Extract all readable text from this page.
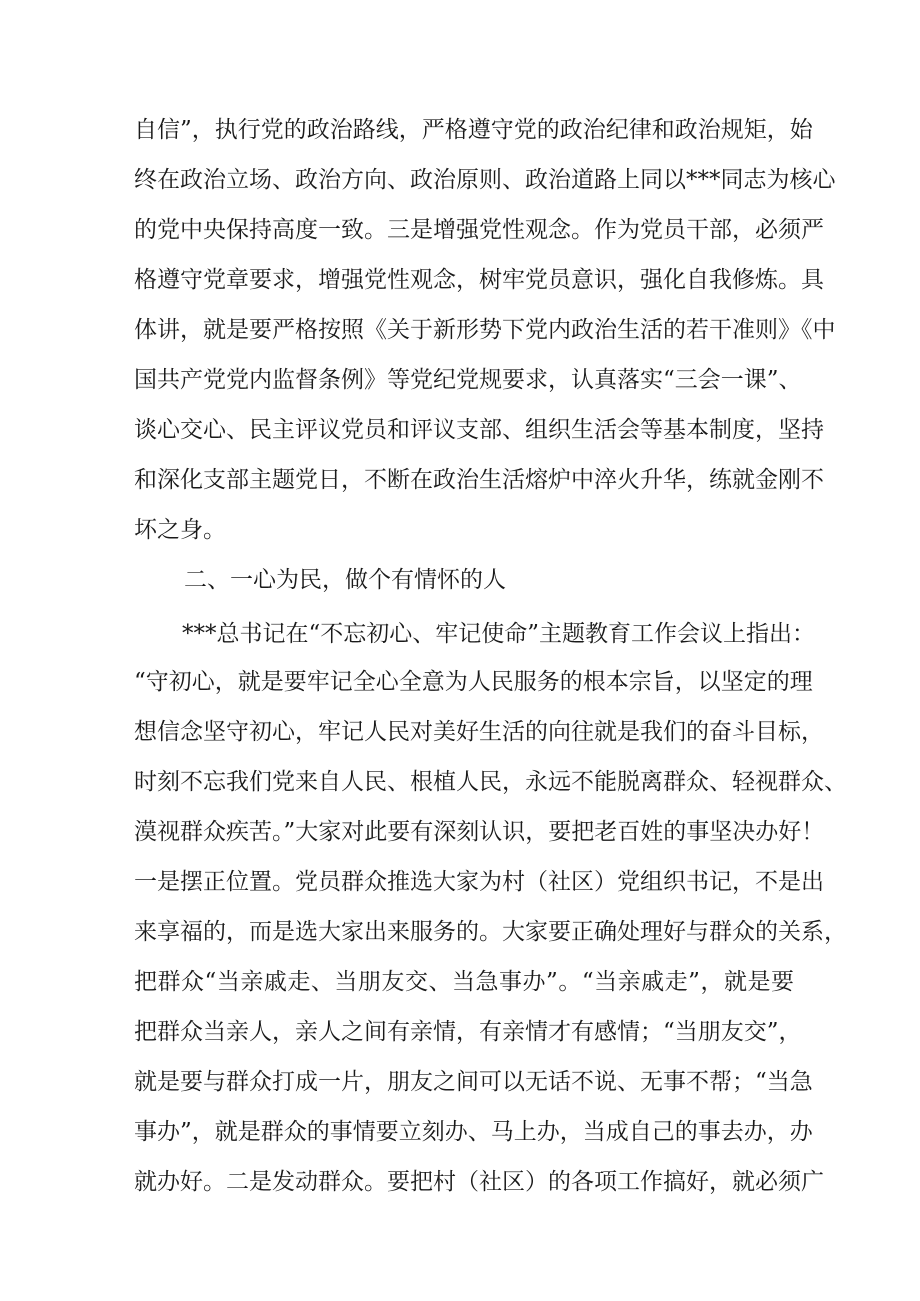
自信”，执行党的政治路线，严格遵守党的政治纪律和政治规矩，始
终在政治立场、政治方向、政治原则、政治道路上同以***同志为核心
的党中央保持高度一致。三是增强党性观念。作为党员干部，必须严
格遵守党章要求，增强党性观念，树牢党员意识，强化自我修炼。具
体讲，就是要严格按照《关于新形势下党内政治生活的若干准则》《中
国共产党党内监督条例》等党纪党规要求，认真落实“三会一课”、
谈心交心、民主评议党员和评议支部、组织生活会等基本制度，坚持
和深化支部主题党日，不断在政治生活熔炉中淬火升华，练就金刚不
坏之身。
二、一心为民，做个有情怀的人
***总书记在“不忘初心、牢记使命”主题教育工作会议上指出：
“守初心，就是要牢记全心全意为人民服务的根本宗旨，以坚定的理
想信念坚守初心，牢记人民对美好生活的向往就是我们的奋斗目标，
时刻不忘我们党来自人民、根植人民，永远不能脱离群众、轻视群众、
漠视群众疾苦。”大家对此要有深刻认识，要把老百姓的事坚决办好！
一是摆正位置。党员群众推选大家为村（社区）党组织书记，不是出
来享福的，而是选大家出来服务的。大家要正确处理好与群众的关系，
把群众“当亲戚走、当朋友交、当急事办”。“当亲戚走”，就是要
把群众当亲人，亲人之间有亲情，有亲情才有感情；“当朋友交”，
就是要与群众打成一片，朋友之间可以无话不说、无事不帮；“当急
事办”，就是群众的事情要立刻办、马上办，当成自己的事去办，办
就办好。二是发动群众。要把村（社区）的各项工作搞好，就必须广
